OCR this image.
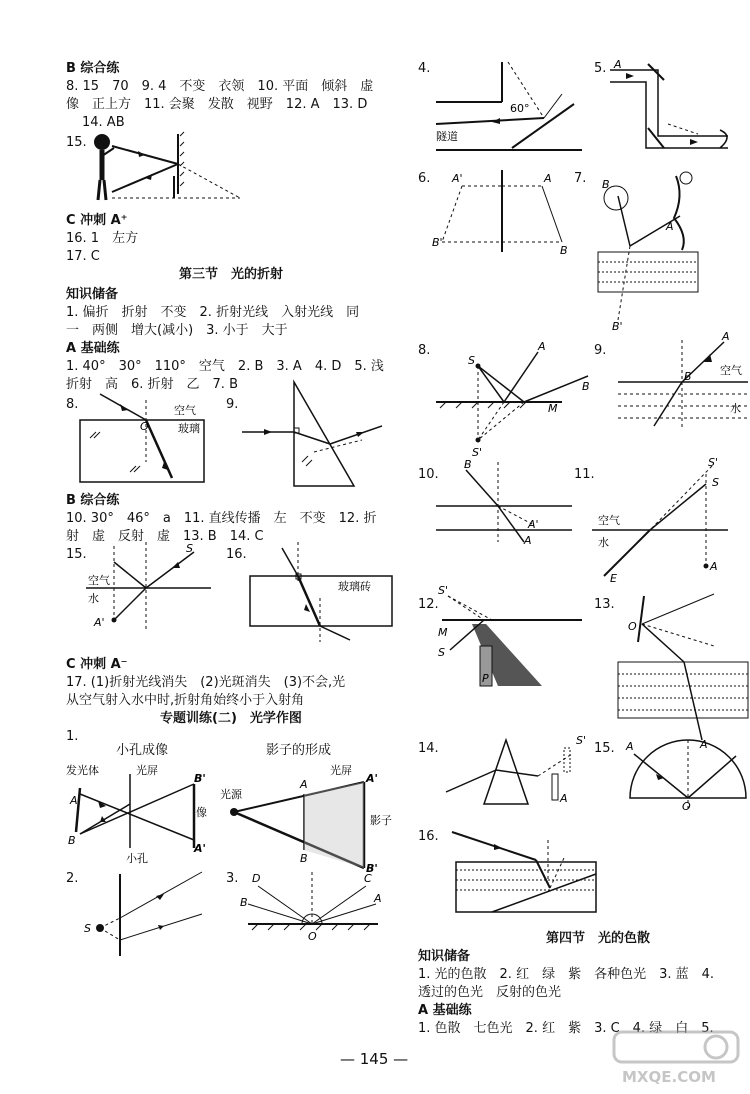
B 综合练
8. 15　70　9. 4　不变　衣领　10. 平面　倾斜　虚
像　正上方　11. 会聚　发散　视野　12. A　13. D
14. AB
15.
C 冲刺 A⁺
16. 1　左方
17. C
第三节　光的折射
知识储备
1. 偏折　折射　不变　2. 折射光线　入射光线　同
一　两侧　增大(减小)　3. 小于　大于
A 基础练
1. 40°　30°　110°　空气　2. B　3. A　4. D　5. 浅
折射　高　6. 折射　乙　7. B
8.
O
空气
玻璃
9.
B 综合练
10. 30°　46°　a　11. 直线传播　左　不变　12. 折
射　虚　反射　虚　13. B　14. C
15.	S
空气
水
A'
16.
玻璃砖
C 冲刺 A⁻
17. (1)折射光线消失　(2)光斑消失　(3)不会,光
从空气射入水中时,折射角始终小于入射角
专题训练(二)　光学作图
1.
小孔成像	影子的形成
发光体
A
B
光屏
B'
A'
像
小孔
光源
光屏
A
B
A'
B'
影子
2.
S
3. D
B
C
A
O
4.
60°
隧道
5. A
6. A'	A
B'
B
7. B
B'
A
8.
S
A
B
M
S'
9.
A
B	空气
水
10.
B
A'
A
11.
S'
S
空气
水
E
A
12.
S'
M
S
P
13.
O
A
14.
S'
A
15. A
O
16.
第四节　光的色散
知识储备
1. 光的色散　2. 红　绿　紫　各种色光　3. 蓝　4.
透过的色光　反射的色光
A 基础练
1. 色散　七色光　2. 红　紫　3. C　4. 绿　白　5.
— 145 —
MXQE.COM
